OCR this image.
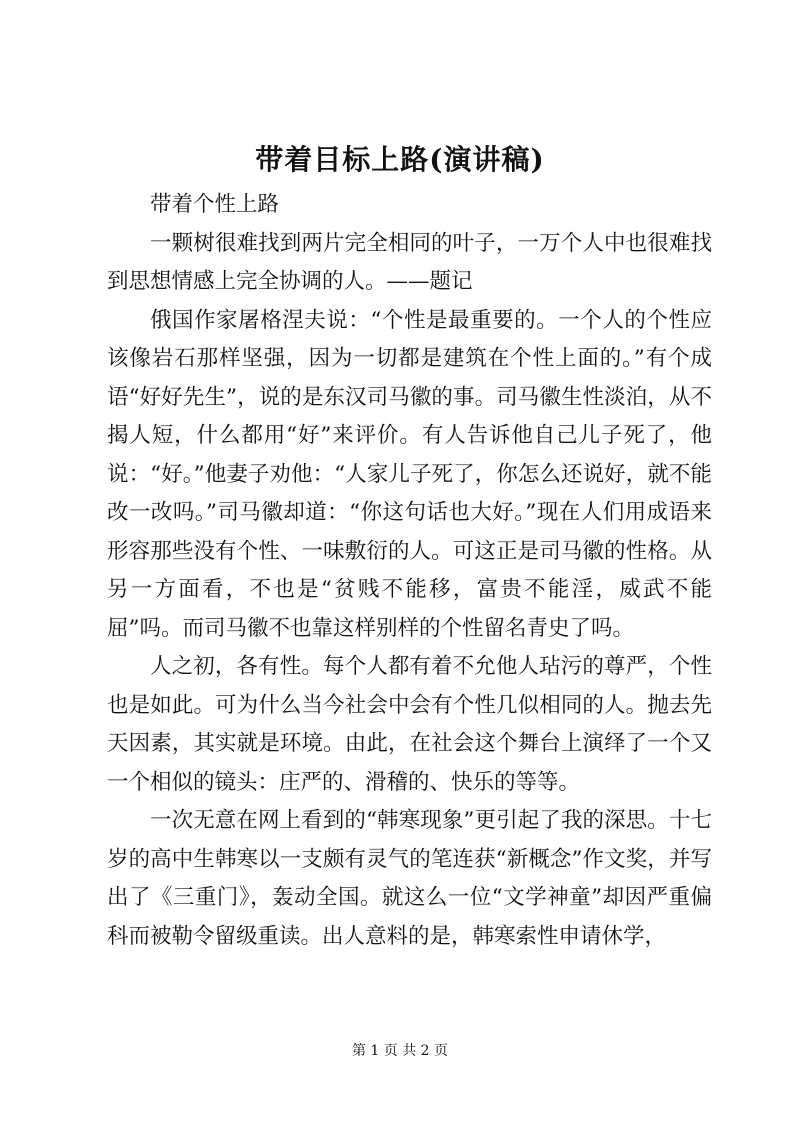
带着目标上路(演讲稿)

带着个性上路

一颗树很难找到两片完全相同的叶子，一万个人中也很难找到思想情感上完全协调的人。——题记

俄国作家屠格涅夫说：“个性是最重要的。一个人的个性应该像岩石那样坚强，因为一切都是建筑在个性上面的。”有个成语“好好先生”，说的是东汉司马徽的事。司马徽生性淡泊，从不揭人短，什么都用“好”来评价。有人告诉他自己儿子死了，他说：“好。”他妻子劝他：“人家儿子死了，你怎么还说好，就不能改一改吗。”司马徽却道：“你这句话也大好。”现在人们用成语来形容那些没有个性、一味敷衍的人。可这正是司马徽的性格。从另一方面看，不也是“贫贱不能移，富贵不能淫，威武不能屈”吗。而司马徽不也靠这样别样的个性留名青史了吗。

人之初，各有性。每个人都有着不允他人玷污的尊严，个性也是如此。可为什么当今社会中会有个性几似相同的人。抛去先天因素，其实就是环境。由此，在社会这个舞台上演绎了一个又一个相似的镜头：庄严的、滑稽的、快乐的等等。

一次无意在网上看到的“韩寒现象”更引起了我的深思。十七岁的高中生韩寒以一支颇有灵气的笔连获“新概念”作文奖，并写出了《三重门》，轰动全国。就这么一位“文学神童”却因严重偏科而被勒令留级重读。出人意料的是，韩寒索性申请休学，

第 1 页 共 2 页
